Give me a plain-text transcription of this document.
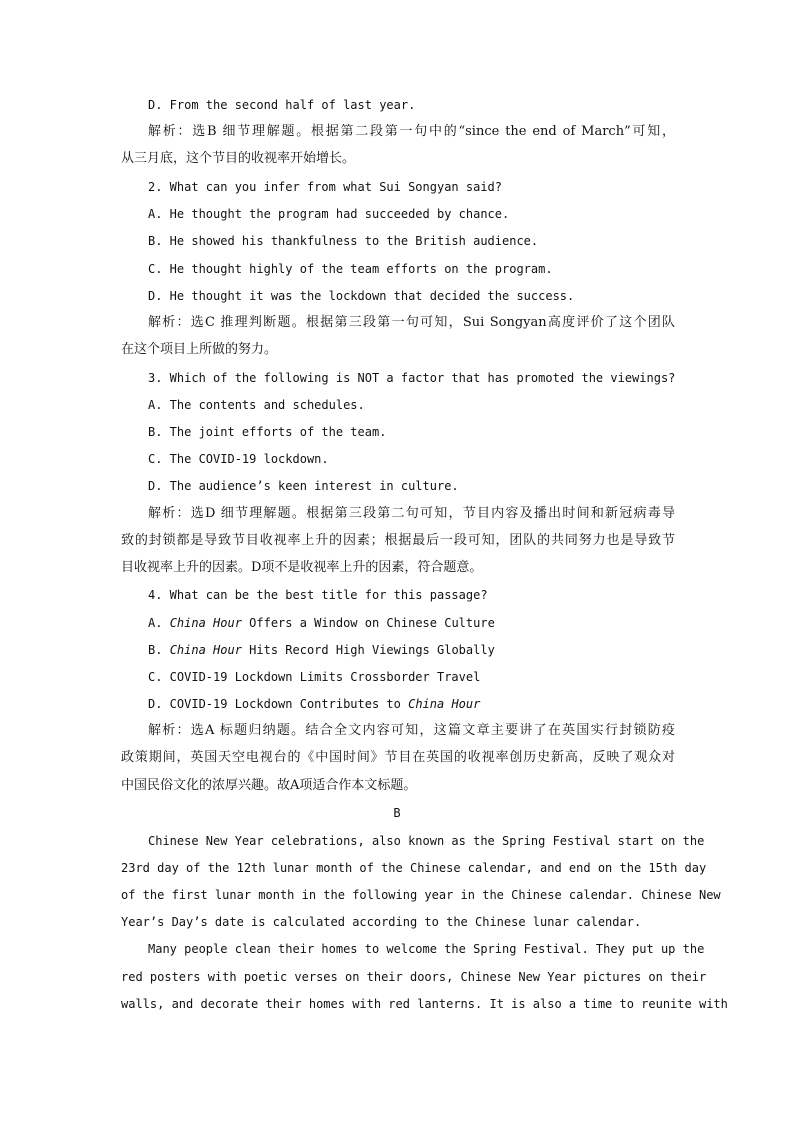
D. From the second half of last year.
解析：选B 细节理解题。根据第二段第一句中的“since the end of March”可知，
从三月底，这个节目的收视率开始增长。
2. What can you infer from what Sui Songyan said?
A. He thought the program had succeeded by chance.
B. He showed his thankfulness to the British audience.
C. He thought highly of the team efforts on the program.
D. He thought it was the lockdown that decided the success.
解析：选C 推理判断题。根据第三段第一句可知，Sui Songyan高度评价了这个团队
在这个项目上所做的努力。
3. Which of the following is NOT a factor that has promoted the viewings?
A. The contents and schedules.
B. The joint efforts of the team.
C. The COVID-19 lockdown.
D. The audience’s keen interest in culture.
解析：选D 细节理解题。根据第三段第二句可知，节目内容及播出时间和新冠病毒导
致的封锁都是导致节目收视率上升的因素；根据最后一段可知，团队的共同努力也是导致节
目收视率上升的因素。D项不是收视率上升的因素，符合题意。
4. What can be the best title for this passage?
A. China Hour Offers a Window on Chinese Culture
B. China Hour Hits Record High Viewings Globally
C. COVID-19 Lockdown Limits Crossborder Travel
D. COVID-19 Lockdown Contributes to China Hour
解析：选A 标题归纳题。结合全文内容可知，这篇文章主要讲了在英国实行封锁防疫
政策期间，英国天空电视台的《中国时间》节目在英国的收视率创历史新高，反映了观众对
中国民俗文化的浓厚兴趣。故A项适合作本文标题。
B
Chinese New Year celebrations, also known as the Spring Festival start on the
23rd day of the 12th lunar month of the Chinese calendar, and end on the 15th day
of the first lunar month in the following year in the Chinese calendar. Chinese New
Year’s Day’s date is calculated according to the Chinese lunar calendar.
Many people clean their homes to welcome the Spring Festival. They put up the
red posters with poetic verses on their doors, Chinese New Year pictures on their
walls, and decorate their homes with red lanterns. It is also a time to reunite with
